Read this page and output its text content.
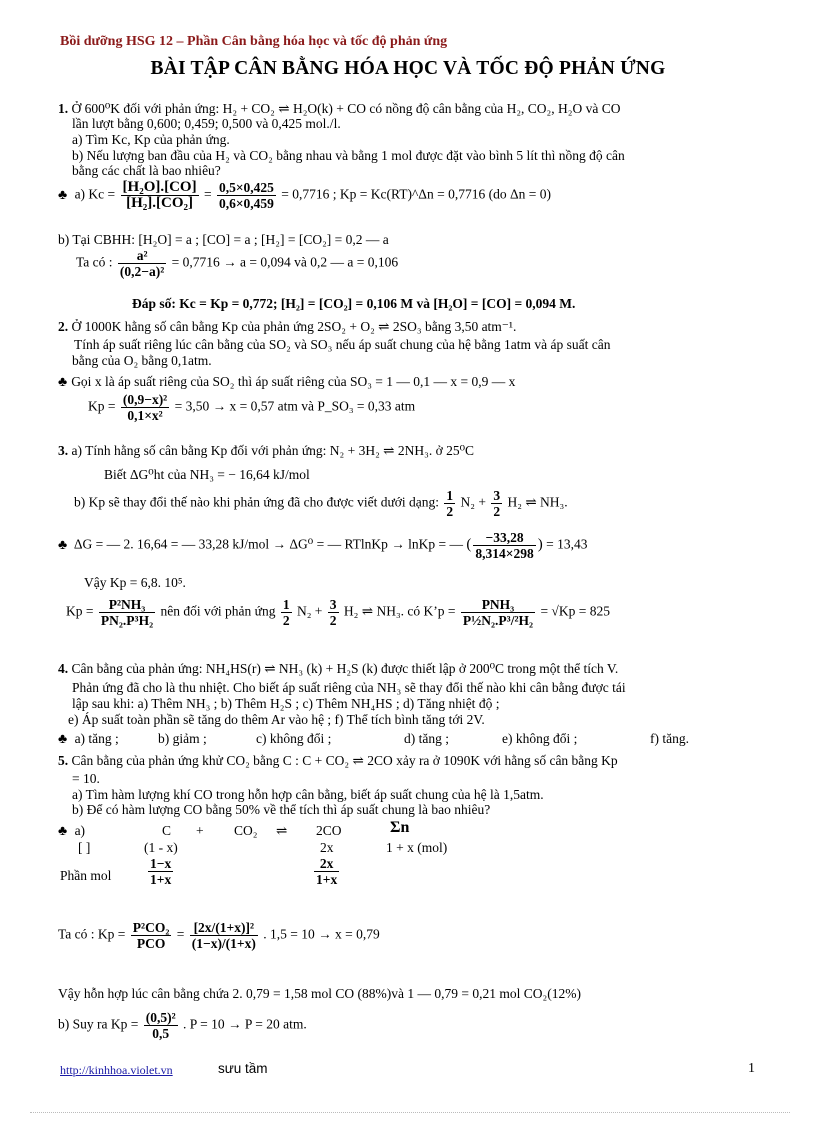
Bồi dưỡng HSG 12 – Phần Cân bằng hóa học và tốc độ phản ứng
BÀI TẬP CÂN BẰNG HÓA HỌC VÀ TỐC ĐỘ PHẢN ỨNG
1. Ở 600⁰K đối với phản ứng: H₂ + CO₂ ⇌ H₂O(k) + CO có nồng độ cân bằng của H₂, CO₂, H₂O và CO
lần lượt bằng 0,600; 0,459; 0,500 và 0,425 mol./l.
a) Tìm Kc, Kp của phản ứng.
b) Nếu lượng ban đầu của H₂ và CO₂ bằng nhau và bằng 1 mol được đặt vào bình 5 lít thì nồng độ cân
bằng các chất là bao nhiêu?
♣ a) $Kc = \frac{\text{[H₂O].[CO]}}{\text{[H₂].[CO₂]}} = \frac{0,5\times 0,425}{0,6\times 0,459} = 0,7716$ ; Kp = Kc(RT)^Δn = 0,7716 (do Δn = 0)
b) Tại CBHH: [H₂O] = a ; [CO] = a ; [H₂] = [CO₂] = 0,2 — a
Ta có : $\frac{\text{a²}}{\text{(0,2−a)²}} = 0,7716 \to a = 0,094$ và 0,2 — a = 0,106
Đáp số: Kc = Kp = 0,772; [H₂] = [CO₂] = 0,106 M và [H₂O] = [CO] = 0,094 M.
2. Ở 1000K hằng số cân bằng Kp của phản ứng 2SO₂ + O₂ ⇌ 2SO₃ bằng 3,50 atm⁻¹.
Tính áp suất riêng lúc cân bằng của SO₂ và SO₃ nếu áp suất chung của hệ bằng 1atm và áp suất cân
bằng của O₂ bằng 0,1atm.
♣ Gọi x là áp suất riêng của SO₂ thì áp suất riêng của SO₃ = 1 — 0,1 — x = 0,9 — x
$Kp = \frac{\text{(0,9−x)²}}{\text{0,1×x²}} = 3,50 \to x = 0,57$ atm và P_SO₃ = 0,33 atm
3. a) Tính hằng số cân bằng Kp đối với phản ứng: N₂ + 3H₂ ⇌ 2NH₃. ở 25⁰C
Biết ΔG⁰ht của NH₃ = − 16,64 kJ/mol
b) Kp sẽ thay đổi thế nào khi phản ứng đã cho được viết dưới dạng: $\frac{1}{2} N_2 + \frac{3}{2} H_2$ ⇌ NH₃.
♣ ΔG = — 2. 16,64 = — 33,28 kJ/mol → ΔG⁰ = — RTlnKp → lnKp = — ( $\frac{-33,28}{8,314\times 298}$ ) = 13,43
Vậy Kp = 6,8. 10⁵.
$Kp = \frac{\text{P²NH₃}}{\text{PN₂.P³H₂}}$ nên đối với phản ứng $\frac{1}{2} N_2 + \frac{3}{2} H_2$ ⇌ NH₃. có K’p = $\frac{\text{PNH₃}}{\text{P½N₂.P³/²H₂}} = √Kp = 825$
4. Cân bằng của phản ứng: NH₄HS(r) ⇌ NH₃ (k) + H₂S (k) được thiết lập ở 200⁰C trong một thể tích V.
Phản ứng đã cho là thu nhiệt. Cho biết áp suất riêng của NH₃ sẽ thay đổi thế nào khi cân bằng được tái
lập sau khi: a) Thêm NH₃ ; b) Thêm H₂S ; c) Thêm NH₄HS ; d) Tăng nhiệt độ ;
e) Áp suất toàn phần sẽ tăng do thêm Ar vào hệ ; f) Thể tích bình tăng tới 2V.
♣ a) tăng ;	b) giảm ;	c) không đổi ;	d) tăng ;	e) không đổi ;	f) tăng.
5. Cân bằng của phản ứng khử CO₂ bằng C : C + CO₂ ⇌ 2CO xảy ra ở 1090K với hằng số cân bằng Kp
= 10.
a) Tìm hàm lượng khí CO trong hỗn hợp cân bằng, biết áp suất chung của hệ là 1,5atm.
b) Để có hàm lượng CO bằng 50% về thể tích thì áp suất chung là bao nhiêu?
♣ a)	C + CO₂ ⇌ 2CO	Σn
[ ]	(1 - x)	2x	1 + x (mol)
Phần mol	$\frac{1-x}{1+x}$	$\frac{2x}{1+x}$
Ta có : $Kp = \frac{\text{P²CO₂}}{\text{PCO}} = \frac{\text{[2x/(1+x)]²}}{(1-x)/(1+x)}$ . 1,5 = 10 → x = 0,79
Vậy hỗn hợp lúc cân bằng chứa 2. 0,79 = 1,58 mol CO (88%)và 1 — 0,79 = 0,21 mol CO₂(12%)
b) Suy ra $Kp = \frac{\text{(0,5)²}}{0,5}$ . P = 10 → P = 20 atm.
http://kinhhoa.violet.vn	sưu tầm	1
